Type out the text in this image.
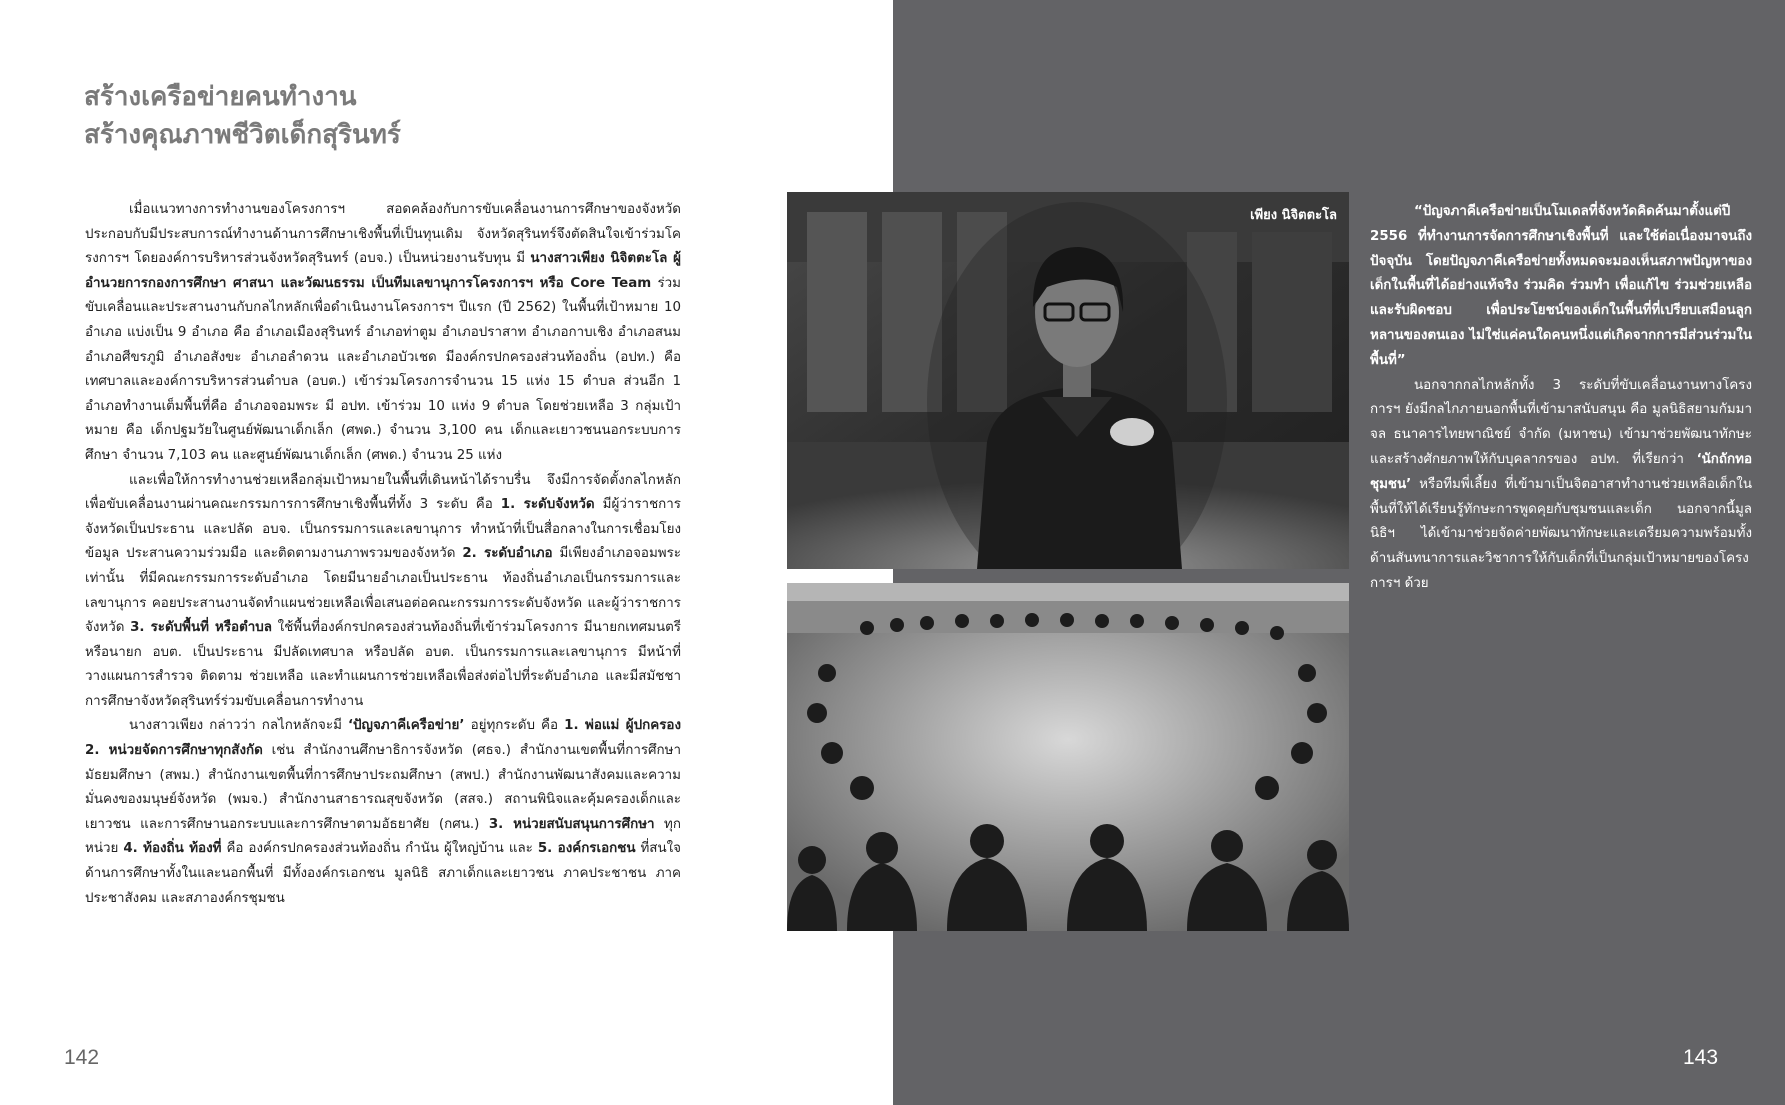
สร้างเครือข่ายคนทำงาน
สร้างคุณภาพชีวิตเด็กสุรินทร์

เมื่อแนวทางการทำงานของโครงการฯ สอดคล้องกับการขับเคลื่อนงานการศึกษาของจังหวัด ประกอบกับมีประสบการณ์ทำงานด้านการศึกษาเชิงพื้นที่เป็นทุนเดิม จังหวัดสุรินทร์จึงตัดสินใจเข้าร่วมโครงการฯ โดยองค์การบริหารส่วนจังหวัดสุรินทร์ (อบจ.) เป็นหน่วยงานรับทุน มี นางสาวเพียง นิจิตตะโล ผู้อำนวยการกองการศึกษา ศาสนา และวัฒนธรรม เป็นทีมเลขานุการโครงการฯ หรือ Core Team ร่วมขับเคลื่อนและประสานงานกับกลไกหลักเพื่อดำเนินงานโครงการฯ ปีแรก (ปี 2562) ในพื้นที่เป้าหมาย 10 อำเภอ แบ่งเป็น 9 อำเภอ คือ อำเภอเมืองสุรินทร์ อำเภอท่าตูม อำเภอปราสาท อำเภอกาบเชิง อำเภอสนม อำเภอศีขรภูมิ อำเภอสังขะ อำเภอลำดวน และอำเภอบัวเชด มีองค์กรปกครองส่วนท้องถิ่น (อปท.) คือ เทศบาลและองค์การบริหารส่วนตำบล (อบต.) เข้าร่วมโครงการจำนวน 15 แห่ง 15 ตำบล ส่วนอีก 1 อำเภอทำงานเต็มพื้นที่คือ อำเภอจอมพระ มี อปท. เข้าร่วม 10 แห่ง 9 ตำบล โดยช่วยเหลือ 3 กลุ่มเป้าหมาย คือ เด็กปฐมวัยในศูนย์พัฒนาเด็กเล็ก (ศพด.) จำนวน 3,100 คน เด็กและเยาวชนนอกระบบการศึกษา จำนวน 7,103 คน และศูนย์พัฒนาเด็กเล็ก (ศพด.) จำนวน 25 แห่ง

และเพื่อให้การทำงานช่วยเหลือกลุ่มเป้าหมายในพื้นที่เดินหน้าได้ราบรื่น จึงมีการจัดตั้งกลไกหลักเพื่อขับเคลื่อนงานผ่านคณะกรรมการการศึกษาเชิงพื้นที่ทั้ง 3 ระดับ คือ 1. ระดับจังหวัด มีผู้ว่าราชการจังหวัดเป็นประธาน และปลัด อบจ. เป็นกรรมการและเลขานุการ ทำหน้าที่เป็นสื่อกลางในการเชื่อมโยงข้อมูล ประสานความร่วมมือ และติดตามงานภาพรวมของจังหวัด 2. ระดับอำเภอ มีเพียงอำเภอจอมพระเท่านั้น ที่มีคณะกรรมการระดับอำเภอ โดยมีนายอำเภอเป็นประธาน ท้องถิ่นอำเภอเป็นกรรมการและเลขานุการ คอยประสานงานจัดทำแผนช่วยเหลือเพื่อเสนอต่อคณะกรรมการระดับจังหวัด และผู้ว่าราชการจังหวัด 3. ระดับพื้นที่ หรือตำบล ใช้พื้นที่องค์กรปกครองส่วนท้องถิ่นที่เข้าร่วมโครงการ มีนายกเทศมนตรี หรือนายก อบต. เป็นประธาน มีปลัดเทศบาล หรือปลัด อบต. เป็นกรรมการและเลขานุการ มีหน้าที่วางแผนการสำรวจ ติดตาม ช่วยเหลือ และทำแผนการช่วยเหลือเพื่อส่งต่อไปที่ระดับอำเภอ และมีสมัชชาการศึกษาจังหวัดสุรินทร์ร่วมขับเคลื่อนการทำงาน

นางสาวเพียง กล่าวว่า กลไกหลักจะมี ‘ปัญจภาคีเครือข่าย’ อยู่ทุกระดับ คือ 1. พ่อแม่ ผู้ปกครอง 2. หน่วยจัดการศึกษาทุกสังกัด เช่น สำนักงานศึกษาธิการจังหวัด (ศธจ.) สำนักงานเขตพื้นที่การศึกษามัธยมศึกษา (สพม.) สำนักงานเขตพื้นที่การศึกษาประถมศึกษา (สพป.) สำนักงานพัฒนาสังคมและความมั่นคงของมนุษย์จังหวัด (พมจ.) สำนักงานสาธารณสุขจังหวัด (สสจ.) สถานพินิจและคุ้มครองเด็กและเยาวชน และการศึกษานอกระบบและการศึกษาตามอัธยาศัย (กศน.) 3. หน่วยสนับสนุนการศึกษา ทุกหน่วย 4. ท้องถิ่น ท้องที่ คือ องค์กรปกครองส่วนท้องถิ่น กำนัน ผู้ใหญ่บ้าน และ 5. องค์กรเอกชน ที่สนใจด้านการศึกษาทั้งในและนอกพื้นที่ มีทั้งองค์กรเอกชน มูลนิธิ สภาเด็กและเยาวชน ภาคประชาชน ภาคประชาสังคม และสภาองค์กรชุมชน

142

“ปัญจภาคีเครือข่ายเป็นโมเดลที่จังหวัดคิดค้นมาตั้งแต่ปี 2556 ที่ทำงานการจัดการศึกษาเชิงพื้นที่ และใช้ต่อเนื่องมาจนถึงปัจจุบัน โดยปัญจภาคีเครือข่ายทั้งหมดจะมองเห็นสภาพปัญหาของเด็กในพื้นที่ได้อย่างแท้จริง ร่วมคิด ร่วมทำ เพื่อแก้ไข ร่วมช่วยเหลือ และรับผิดชอบ เพื่อประโยชน์ของเด็กในพื้นที่ที่เปรียบเสมือนลูกหลานของตนเอง ไม่ใช่แค่คนใดคนหนึ่งแต่เกิดจากการมีส่วนร่วมในพื้นที่”

นอกจากกลไกหลักทั้ง 3 ระดับที่ขับเคลื่อนงานทางโครงการฯ ยังมีกลไกภายนอกพื้นที่เข้ามาสนับสนุน คือ มูลนิธิสยามกัมมาจล ธนาคารไทยพาณิชย์ จำกัด (มหาชน) เข้ามาช่วยพัฒนาทักษะและสร้างศักยภาพให้กับบุคลากรของ อปท. ที่เรียกว่า ‘นักถักทอชุมชน’ หรือทีมพี่เลี้ยง ที่เข้ามาเป็นจิตอาสาทำงานช่วยเหลือเด็กในพื้นที่ให้ได้เรียนรู้ทักษะการพูดคุยกับชุมชนและเด็ก นอกจากนี้มูลนิธิฯ ได้เข้ามาช่วยจัดค่ายพัฒนาทักษะและเตรียมความพร้อมทั้งด้านสันทนาการและวิชาการให้กับเด็กที่เป็นกลุ่มเป้าหมายของโครงการฯ ด้วย

143
เพียง นิจิตตะโล
